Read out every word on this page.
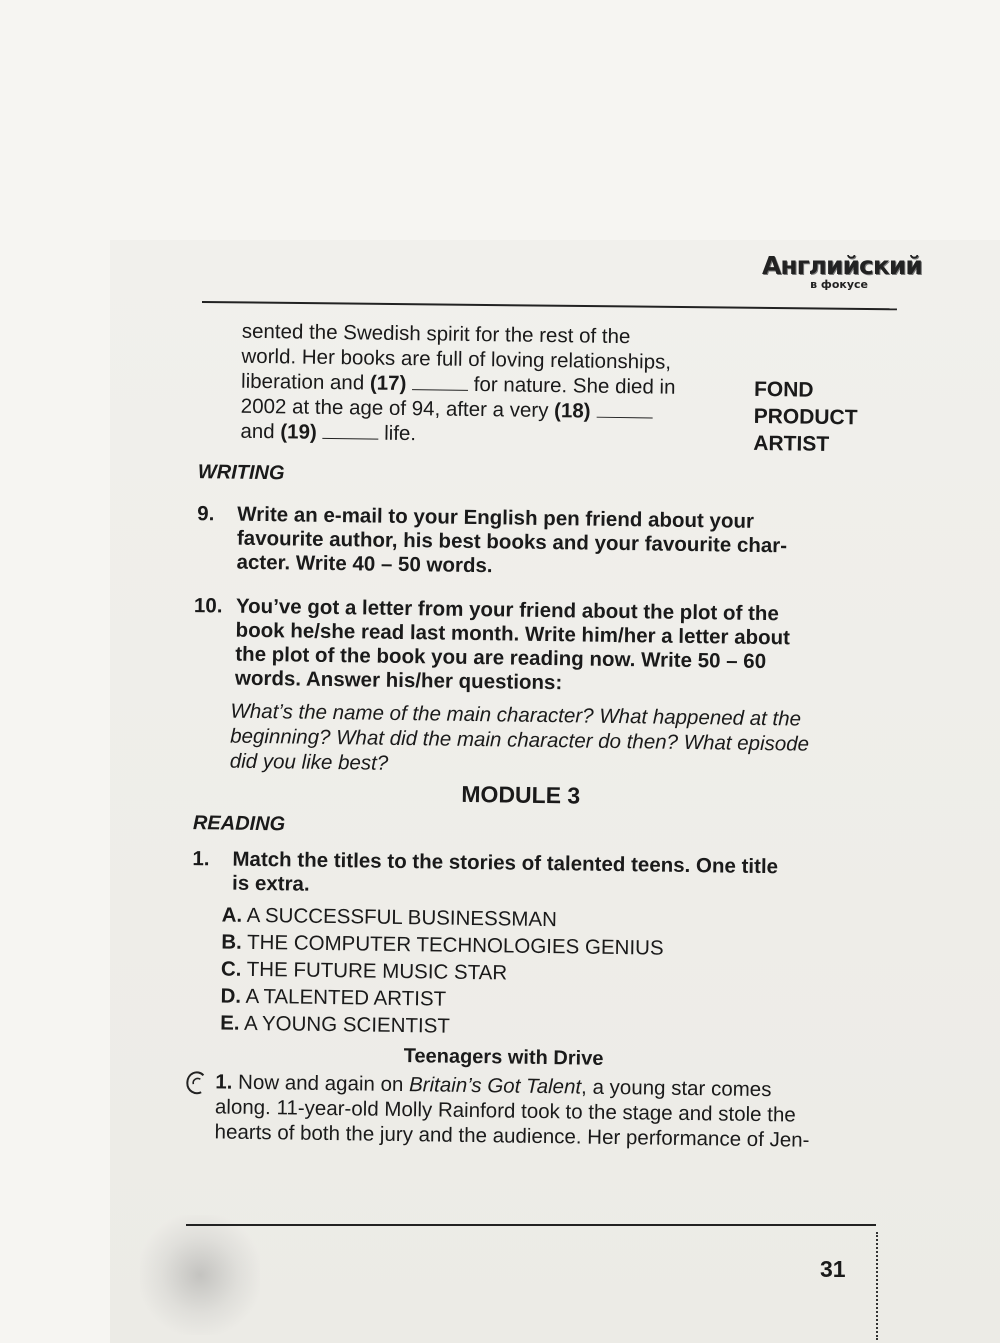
Английский
в фокусе
sented the Swedish spirit for the rest of the
world. Her books are full of loving relationships,
liberation and (17)	for nature. She died in
2002 at the age of 94, after a very (18)
and (19)	life.
FOND
PRODUCT
ARTIST
WRITING
9. Write an e-mail to your English pen friend about your
favourite author, his best books and your favourite char-
acter. Write 40 – 50 words.
10. You’ve got a letter from your friend about the plot of the
book he/she read last month. Write him/her a letter about
the plot of the book you are reading now. Write 50 – 60
words. Answer his/her questions:
What’s the name of the main character? What happened at the
beginning? What did the main character do then? What episode
did you like best?
MODULE 3
READING
1. Match the titles to the stories of talented teens. One title
is extra.
A. A SUCCESSFUL BUSINESSMAN
B. THE COMPUTER TECHNOLOGIES GENIUS
C. THE FUTURE MUSIC STAR
D. A TALENTED ARTIST
E. A YOUNG SCIENTIST
Teenagers with Drive
1. Now and again on Britain’s Got Talent, a young star comes
along. 11-year-old Molly Rainford took to the stage and stole the
hearts of both the jury and the audience. Her performance of Jen-
31
